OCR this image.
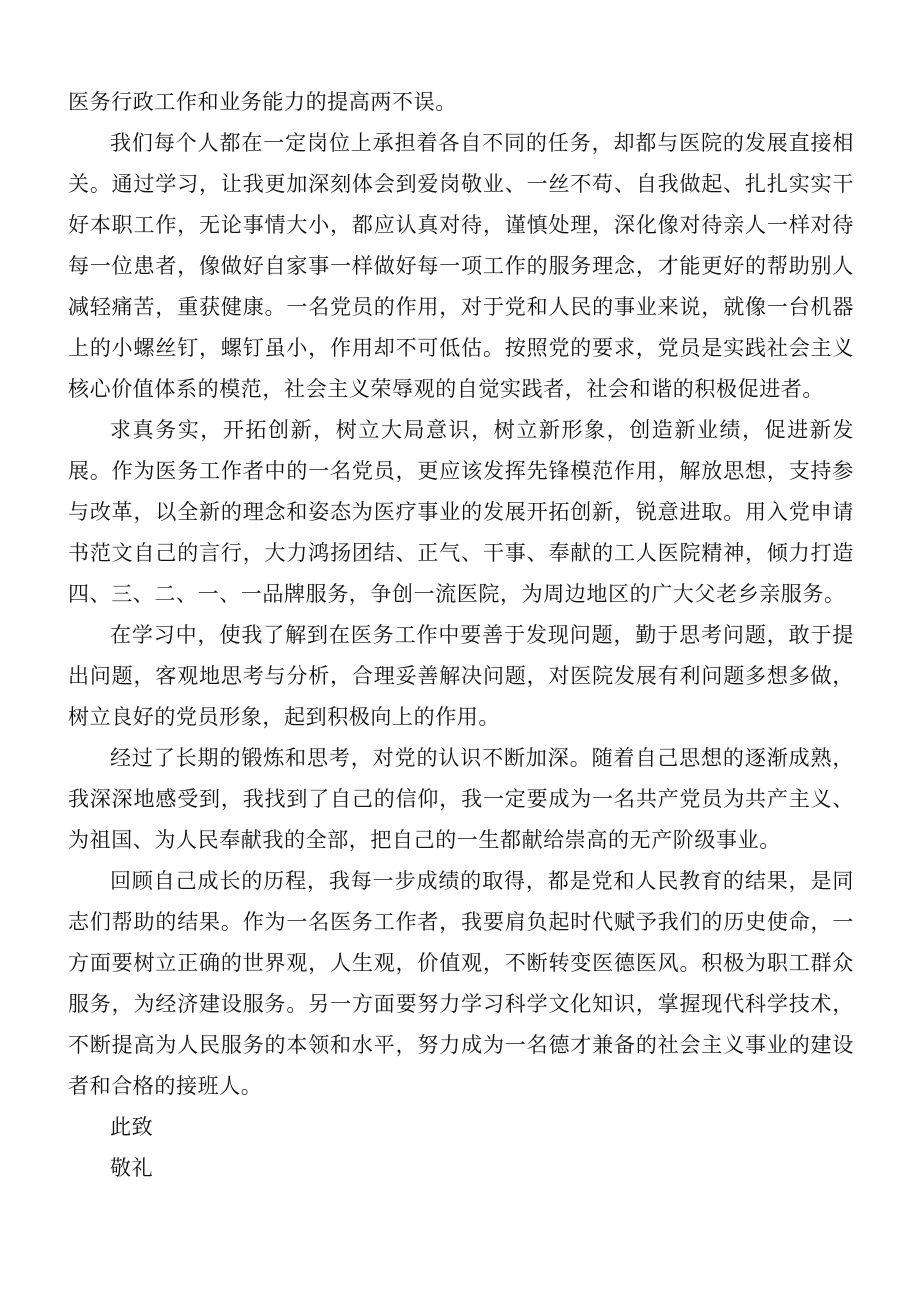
医务行政工作和业务能力的提高两不误。

我们每个人都在一定岗位上承担着各自不同的任务，却都与医院的发展直接相关。通过学习，让我更加深刻体会到爱岗敬业、一丝不苟、自我做起、扎扎实实干好本职工作，无论事情大小，都应认真对待，谨慎处理，深化像对待亲人一样对待每一位患者，像做好自家事一样做好每一项工作的服务理念，才能更好的帮助别人减轻痛苦，重获健康。一名党员的作用，对于党和人民的事业来说，就像一台机器上的小螺丝钉，螺钉虽小，作用却不可低估。按照党的要求，党员是实践社会主义核心价值体系的模范，社会主义荣辱观的自觉实践者，社会和谐的积极促进者。

求真务实，开拓创新，树立大局意识，树立新形象，创造新业绩，促进新发展。作为医务工作者中的一名党员，更应该发挥先锋模范作用，解放思想，支持参与改革，以全新的理念和姿态为医疗事业的发展开拓创新，锐意进取。用入党申请书范文自己的言行，大力鸿扬团结、正气、干事、奉献的工人医院精神，倾力打造四、三、二、一、一品牌服务，争创一流医院，为周边地区的广大父老乡亲服务。

在学习中，使我了解到在医务工作中要善于发现问题，勤于思考问题，敢于提出问题，客观地思考与分析，合理妥善解决问题，对医院发展有利问题多想多做，树立良好的党员形象，起到积极向上的作用。

经过了长期的锻炼和思考，对党的认识不断加深。随着自己思想的逐渐成熟，我深深地感受到，我找到了自己的信仰，我一定要成为一名共产党员为共产主义、为祖国、为人民奉献我的全部，把自己的一生都献给崇高的无产阶级事业。

回顾自己成长的历程，我每一步成绩的取得，都是党和人民教育的结果，是同志们帮助的结果。作为一名医务工作者，我要肩负起时代赋予我们的历史使命，一方面要树立正确的世界观，人生观，价值观，不断转变医德医风。积极为职工群众服务，为经济建设服务。另一方面要努力学习科学文化知识，掌握现代科学技术，不断提高为人民服务的本领和水平，努力成为一名德才兼备的社会主义事业的建设者和合格的接班人。

此致

敬礼
